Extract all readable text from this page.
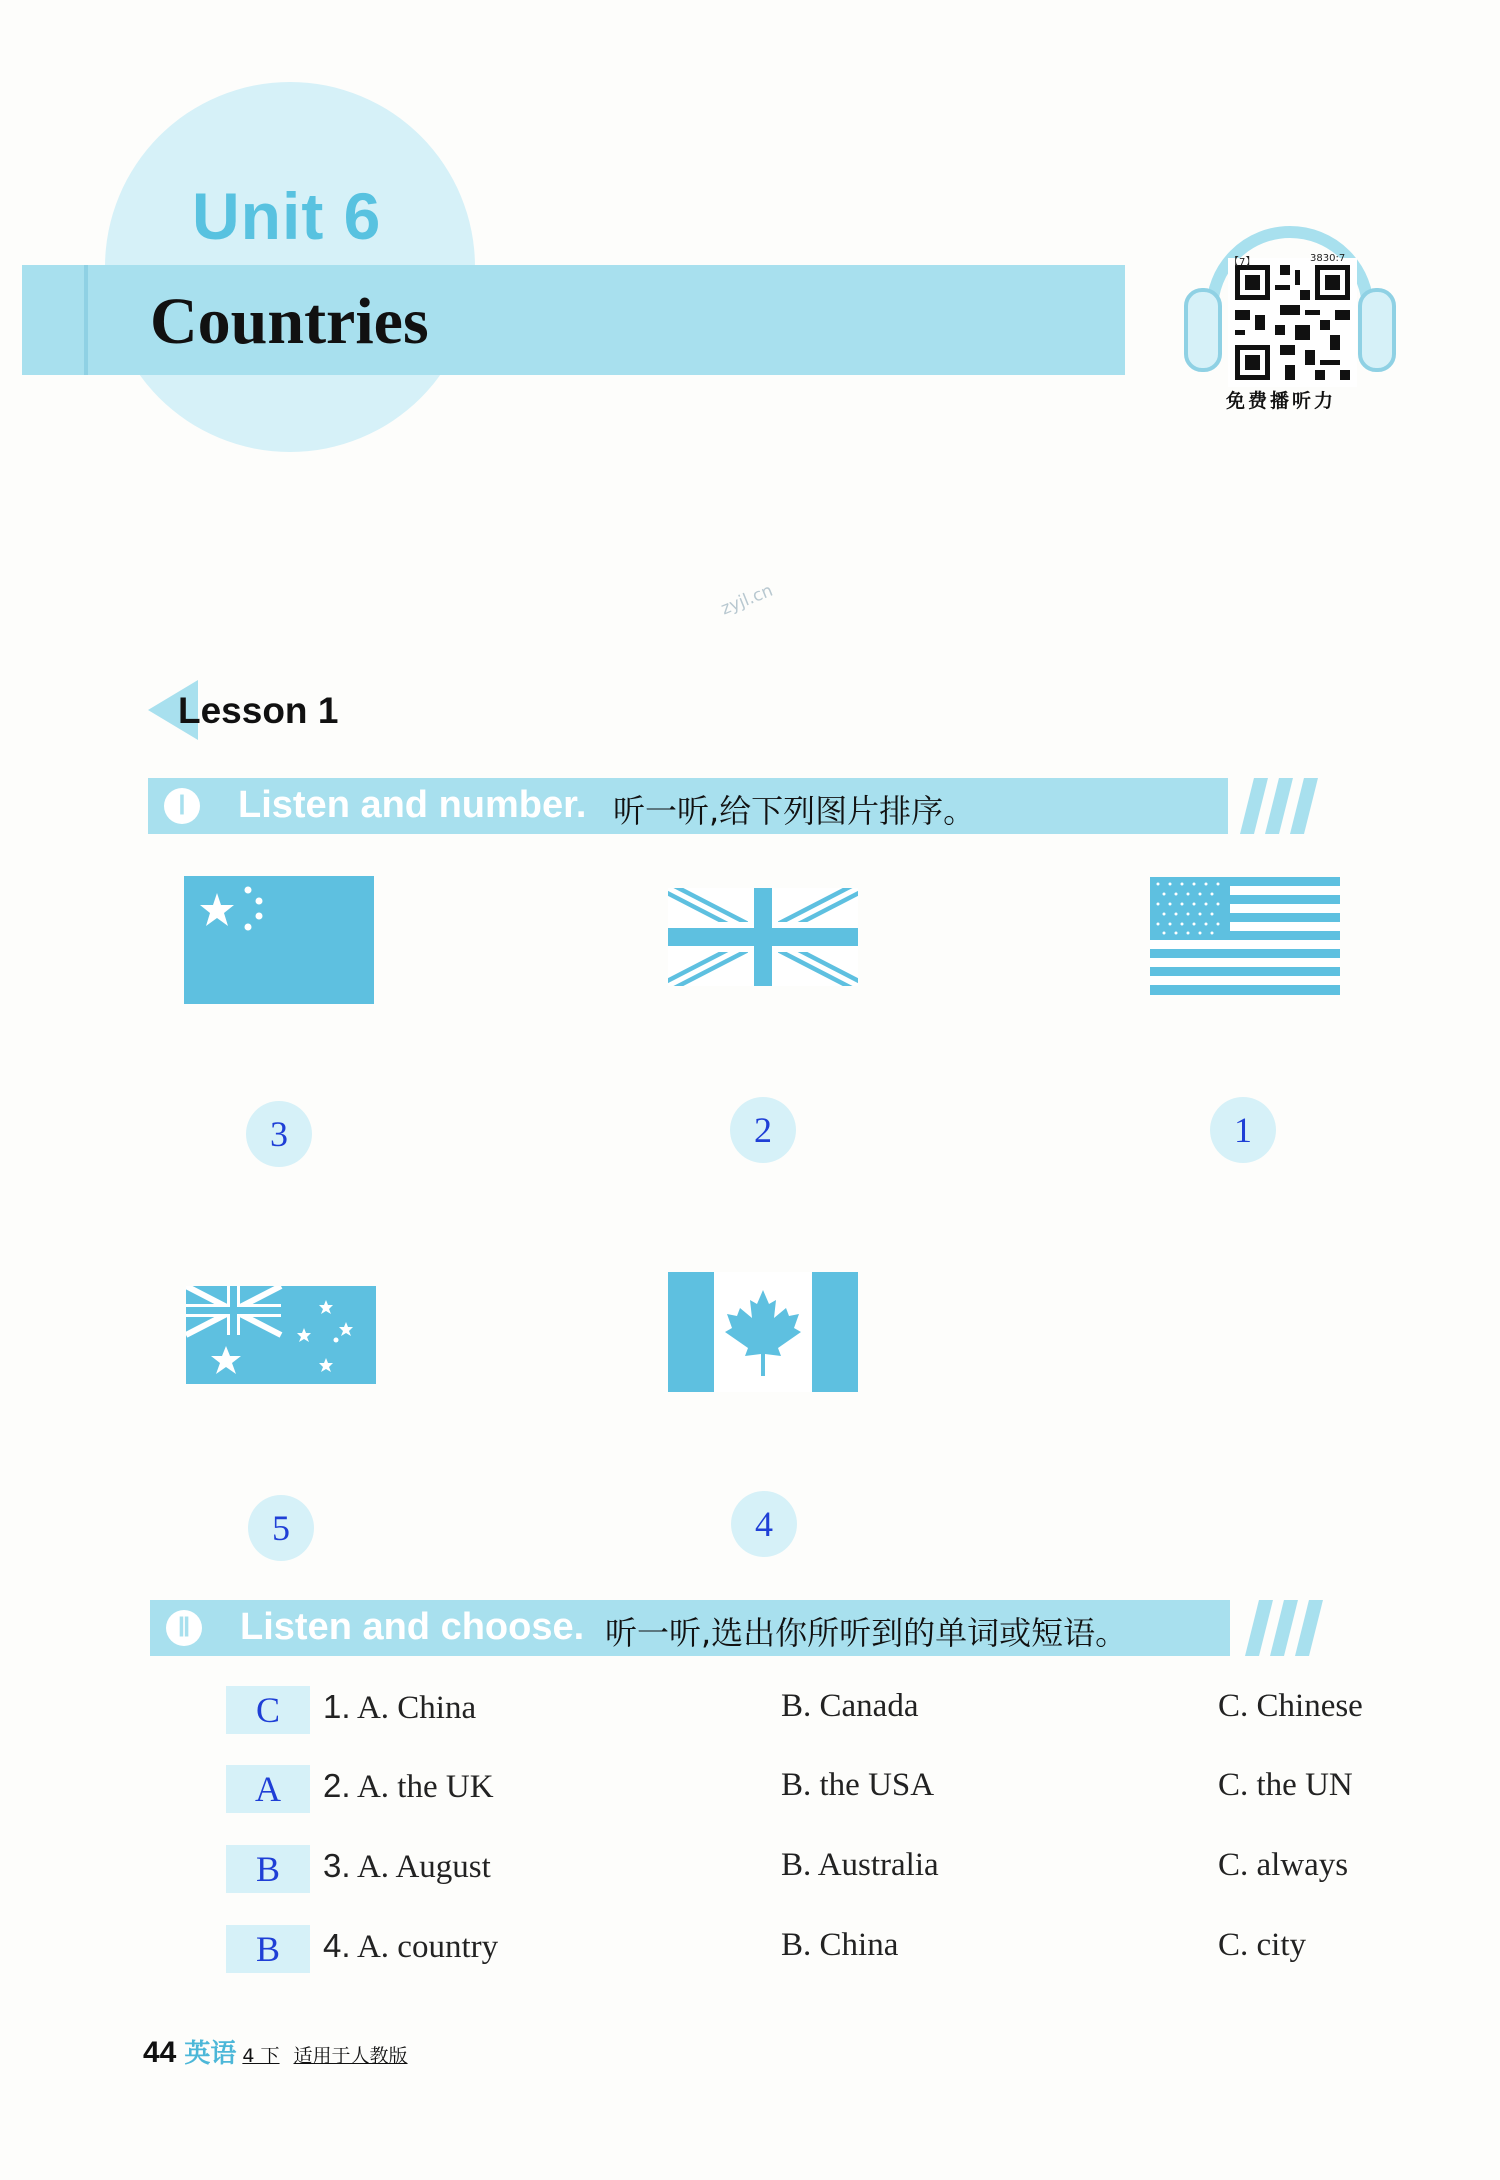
Unit 6
Countries
【7】	3830:7
免费播听力
zyjl.cn
Lesson 1
Ⅰ	Listen and number. 听一听,给下列图片排序。
3	2	1
5	4
Ⅱ	Listen and choose. 听一听,选出你所听到的单词或短语。
C	1. A. China	B. Canada	C. Chinese
A	2. A. the UK	B. the USA	C. the UN
B	3. A. August	B. Australia	C. always
B	4. A. country	B. China	C. city
44 英语 4 下 适用于人教版
